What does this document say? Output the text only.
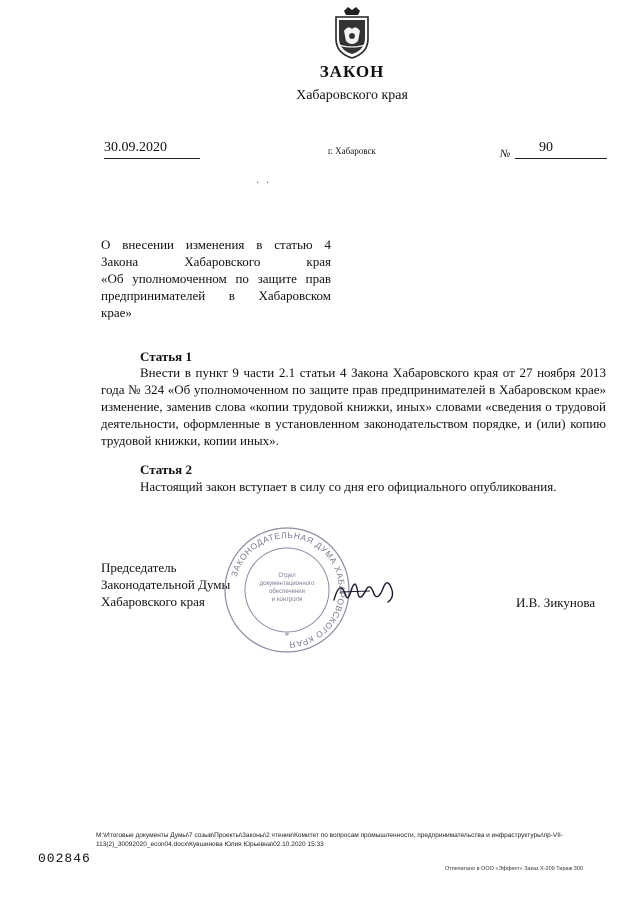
ЗАКОН
Хабаровского края
30.09.2020	г. Хабаровск	№ 90
· ·
О внесении изменения в статью 4
Закона Хабаровского края
«Об уполномоченном по защите прав
предпринимателей в Хабаровском
крае»
Статья 1
Внести в пункт 9 части 2.1 статьи 4 Закона Хабаровского края от 27 ноября 2013 года № 324 «Об уполномоченном по защите прав предпринимателей в Хабаровском крае» изменение, заменив слова «копии трудовой книжки, иных» словами «сведения о трудовой деятельности, оформленные в установленном законодательством порядке, и (или) копию трудовой книжки, копии иных».
Статья 2
Настоящий закон вступает в силу со дня его официального опубликования.
Председатель
Законодательной Думы
Хабаровского края
ЗАКОНОДАТЕЛЬНАЯ ДУМА ХАБАРОВСКОГО КРАЯ
Отдел
документационного
обеспечения
и контроля
*
И.В. Зикунова
M:\Итоговые документы Думы\7 созыв\Проекты\Законы\2 чтение\Комитет по вопросам промышленности, предпринимательства и инфраструктуры\пр-VII-
113(2)_30092020_econ04.docx\Кувшинова Юлия Юрьевна\02.10.2020 15:33
002846
Отпечатано в ООО «Эффект» Заказ Х-209 Тираж 300
